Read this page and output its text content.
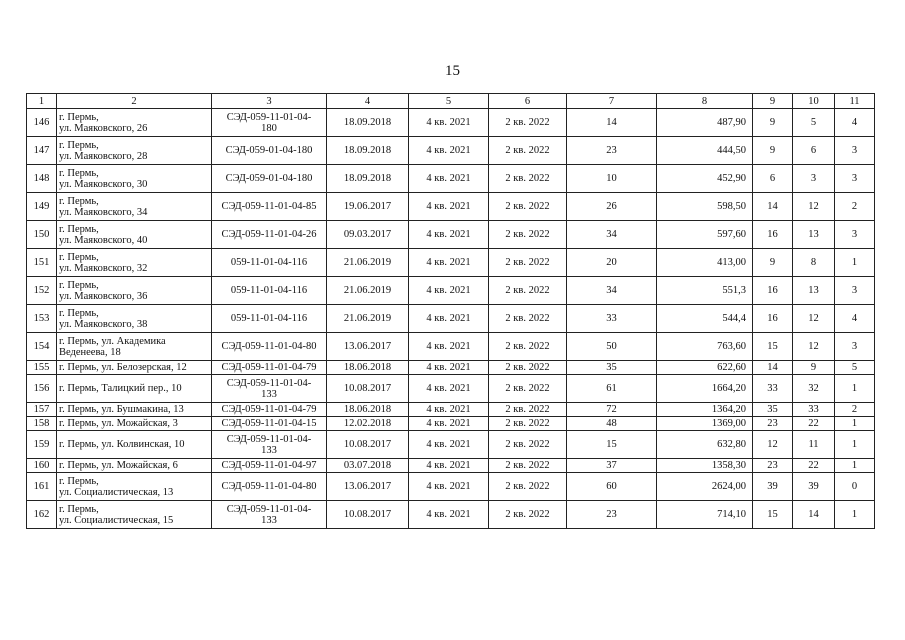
15
1	2	3	4	5	6	7	8	9	10	11
146	г. Пермь,
ул. Маяковского, 26	СЭД-059-11-01-04-
180	18.09.2018	4 кв. 2021	2 кв. 2022	14	487,90	9	5	4
147	г. Пермь,
ул. Маяковского, 28	СЭД-059-01-04-180	18.09.2018	4 кв. 2021	2 кв. 2022	23	444,50	9	6	3
148	г. Пермь,
ул. Маяковского, 30	СЭД-059-01-04-180	18.09.2018	4 кв. 2021	2 кв. 2022	10	452,90	6	3	3
149	г. Пермь,
ул. Маяковского, 34	СЭД-059-11-01-04-85	19.06.2017	4 кв. 2021	2 кв. 2022	26	598,50	14	12	2
150	г. Пермь,
ул. Маяковского, 40	СЭД-059-11-01-04-26	09.03.2017	4 кв. 2021	2 кв. 2022	34	597,60	16	13	3
151	г. Пермь,
ул. Маяковского, 32	059-11-01-04-116	21.06.2019	4 кв. 2021	2 кв. 2022	20	413,00	9	8	1
152	г. Пермь,
ул. Маяковского, 36	059-11-01-04-116	21.06.2019	4 кв. 2021	2 кв. 2022	34	551,3	16	13	3
153	г. Пермь,
ул. Маяковского, 38	059-11-01-04-116	21.06.2019	4 кв. 2021	2 кв. 2022	33	544,4	16	12	4
154	г. Пермь, ул. Академика
Веденеева, 18	СЭД-059-11-01-04-80	13.06.2017	4 кв. 2021	2 кв. 2022	50	763,60	15	12	3
155	г. Пермь, ул. Белозерская, 12	СЭД-059-11-01-04-79	18.06.2018	4 кв. 2021	2 кв. 2022	35	622,60	14	9	5
156	г. Пермь, Талицкий пер., 10	СЭД-059-11-01-04-
133	10.08.2017	4 кв. 2021	2 кв. 2022	61	1664,20	33	32	1
157	г. Пермь, ул. Бушмакина, 13	СЭД-059-11-01-04-79	18.06.2018	4 кв. 2021	2 кв. 2022	72	1364,20	35	33	2
158	г. Пермь, ул. Можайская, 3	СЭД-059-11-01-04-15	12.02.2018	4 кв. 2021	2 кв. 2022	48	1369,00	23	22	1
159	г. Пермь, ул. Колвинская, 10	СЭД-059-11-01-04-
133	10.08.2017	4 кв. 2021	2 кв. 2022	15	632,80	12	11	1
160	г. Пермь, ул. Можайская, 6	СЭД-059-11-01-04-97	03.07.2018	4 кв. 2021	2 кв. 2022	37	1358,30	23	22	1
161	г. Пермь,
ул. Социалистическая, 13	СЭД-059-11-01-04-80	13.06.2017	4 кв. 2021	2 кв. 2022	60	2624,00	39	39	0
162	г. Пермь,
ул. Социалистическая, 15	СЭД-059-11-01-04-
133	10.08.2017	4 кв. 2021	2 кв. 2022	23	714,10	15	14	1
